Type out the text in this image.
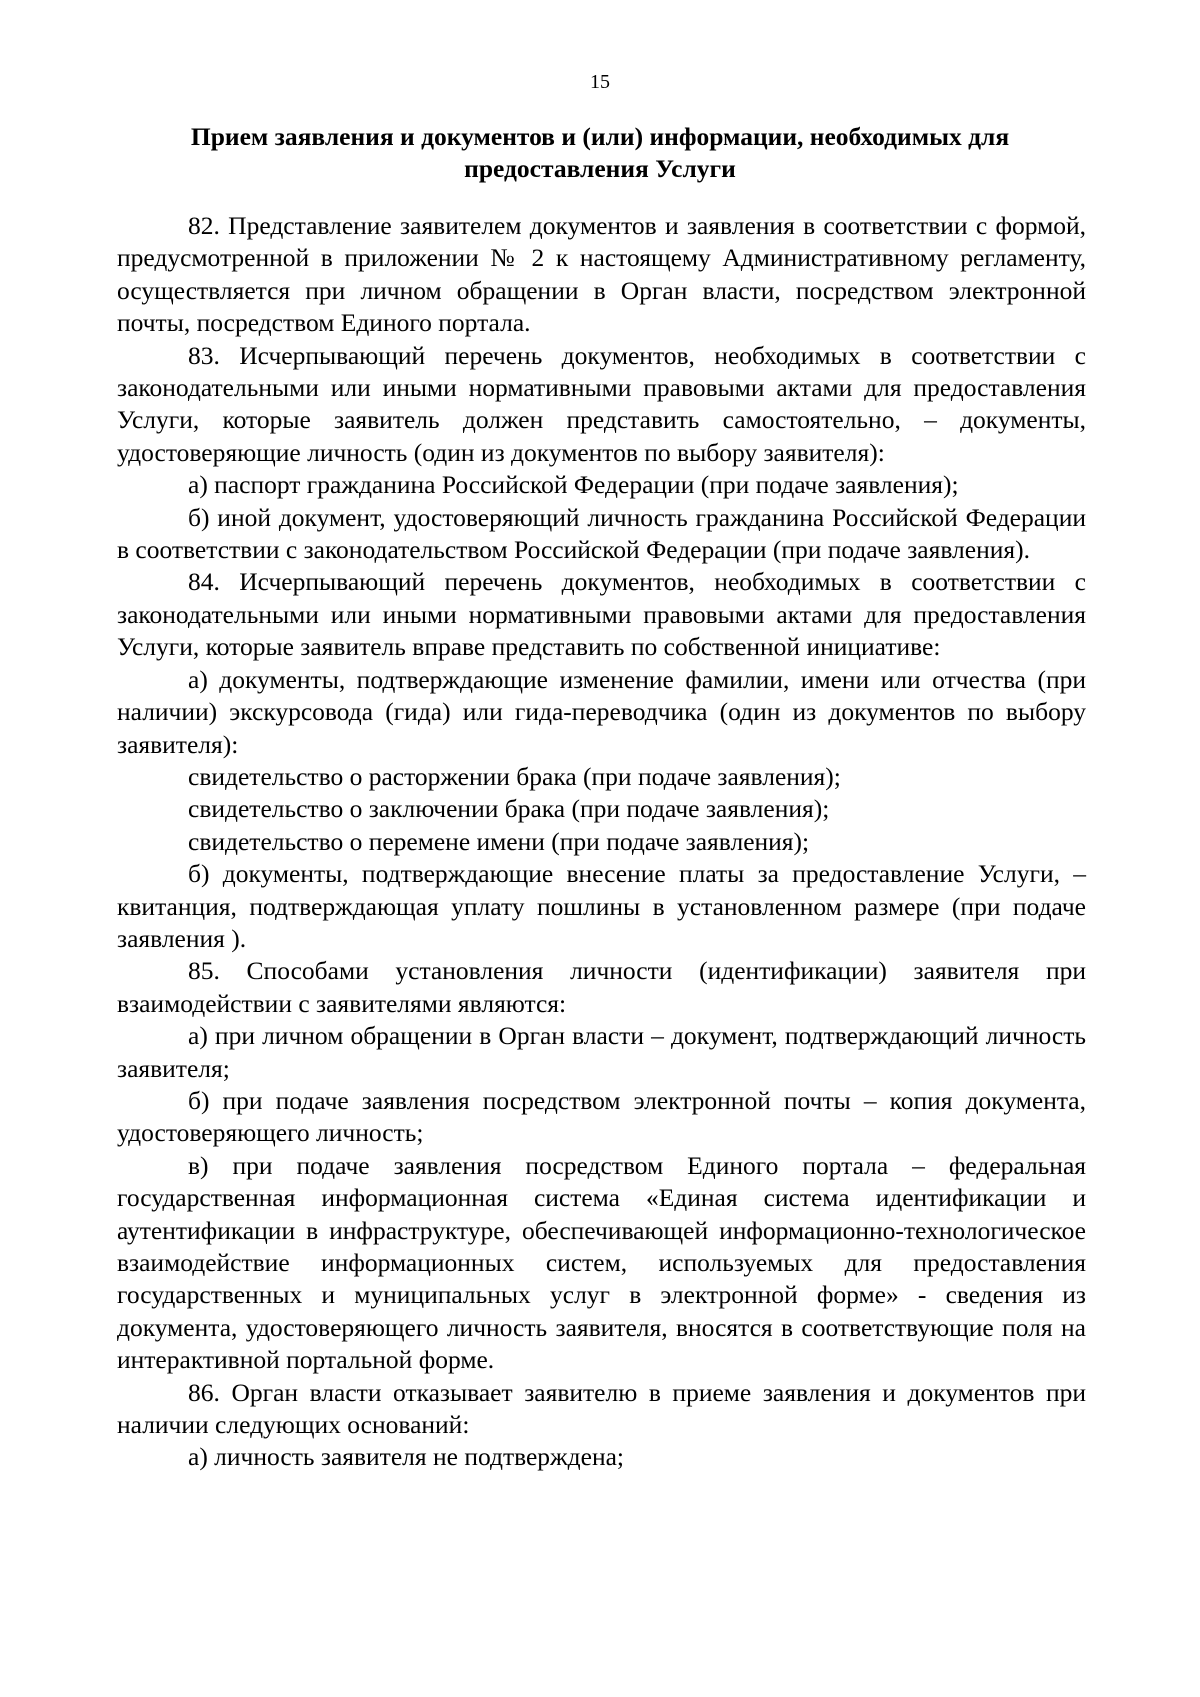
15
Прием заявления и документов и (или) информации, необходимых для
предоставления Услуги

82. Представление заявителем документов и заявления в соответствии с формой, предусмотренной в приложении № 2 к настоящему Административному регламенту, осуществляется при личном обращении в Орган власти, посредством электронной почты, посредством Единого портала.

83. Исчерпывающий перечень документов, необходимых в соответствии с законодательными или иными нормативными правовыми актами для предоставления Услуги, которые заявитель должен представить самостоятельно, – документы, удостоверяющие личность (один из документов по выбору заявителя):

а) паспорт гражданина Российской Федерации (при подаче заявления);

б) иной документ, удостоверяющий личность гражданина Российской Федерации в соответствии с законодательством Российской Федерации (при подаче заявления).

84. Исчерпывающий перечень документов, необходимых в соответствии с законодательными или иными нормативными правовыми актами для предоставления Услуги, которые заявитель вправе представить по собственной инициативе:

а) документы, подтверждающие изменение фамилии, имени или отчества (при наличии) экскурсовода (гида) или гида-переводчика (один из документов по выбору заявителя):

свидетельство о расторжении брака (при подаче заявления);

свидетельство о заключении брака (при подаче заявления);

свидетельство о перемене имени (при подаче заявления);

б) документы, подтверждающие внесение платы за предоставление Услуги, – квитанция, подтверждающая уплату пошлины в установленном размере (при подаче заявления ).

85. Способами установления личности (идентификации) заявителя при взаимодействии с заявителями являются:

а) при личном обращении в Орган власти – документ, подтверждающий личность заявителя;

б) при подаче заявления посредством электронной почты – копия документа, удостоверяющего личность;

в) при подаче заявления посредством Единого портала – федеральная государственная информационная система «Единая система идентификации и аутентификации в инфраструктуре, обеспечивающей информационно-технологическое взаимодействие информационных систем, используемых для предоставления государственных и муниципальных услуг в электронной форме» - сведения из документа, удостоверяющего личность заявителя, вносятся в соответствующие поля на интерактивной портальной форме.

86. Орган власти отказывает заявителю в приеме заявления и документов при наличии следующих оснований:

а) личность заявителя не подтверждена;
